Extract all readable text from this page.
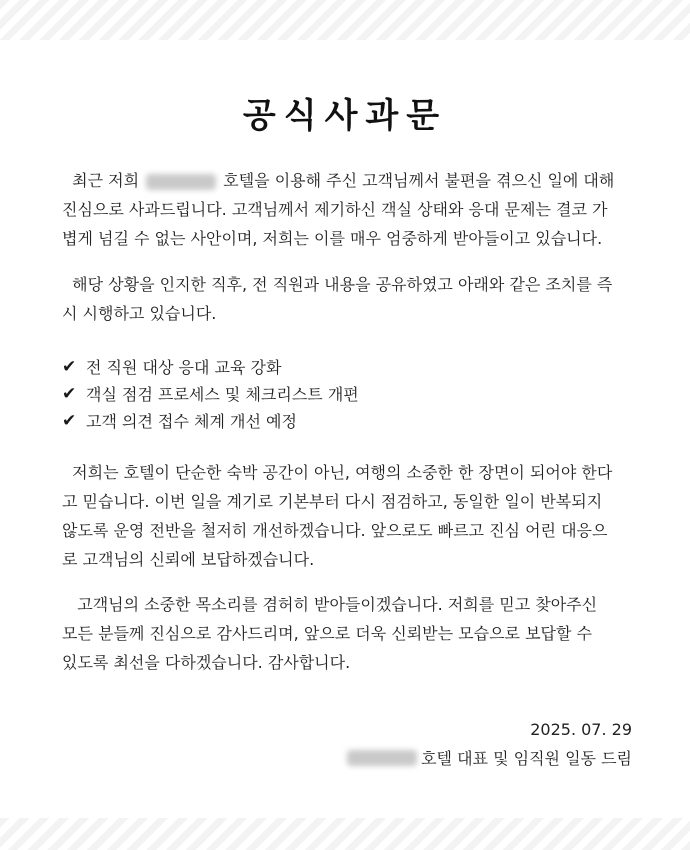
공식사과문
최근 저희	호텔을 이용해 주신 고객님께서 불편을 겪으신 일에 대해
진심으로 사과드립니다. 고객님께서 제기하신 객실 상태와 응대 문제는 결코 가
볍게 넘길 수 없는 사안이며, 저희는 이를 매우 엄중하게 받아들이고 있습니다.
해당 상황을 인지한 직후, 전 직원과 내용을 공유하였고 아래와 같은 조치를 즉
시 시행하고 있습니다.
✔ 전 직원 대상 응대 교육 강화
✔ 객실 점검 프로세스 및 체크리스트 개편
✔ 고객 의견 접수 체계 개선 예정
저희는 호텔이 단순한 숙박 공간이 아닌, 여행의 소중한 한 장면이 되어야 한다
고 믿습니다. 이번 일을 계기로 기본부터 다시 점검하고, 동일한 일이 반복되지
않도록 운영 전반을 철저히 개선하겠습니다. 앞으로도 빠르고 진심 어린 대응으
로 고객님의 신뢰에 보답하겠습니다.
고객님의 소중한 목소리를 겸허히 받아들이겠습니다. 저희를 믿고 찾아주신
모든 분들께 진심으로 감사드리며, 앞으로 더욱 신뢰받는 모습으로 보답할 수
있도록 최선을 다하겠습니다. 감사합니다.
2025. 07. 29
호텔 대표 및 임직원 일동 드림
